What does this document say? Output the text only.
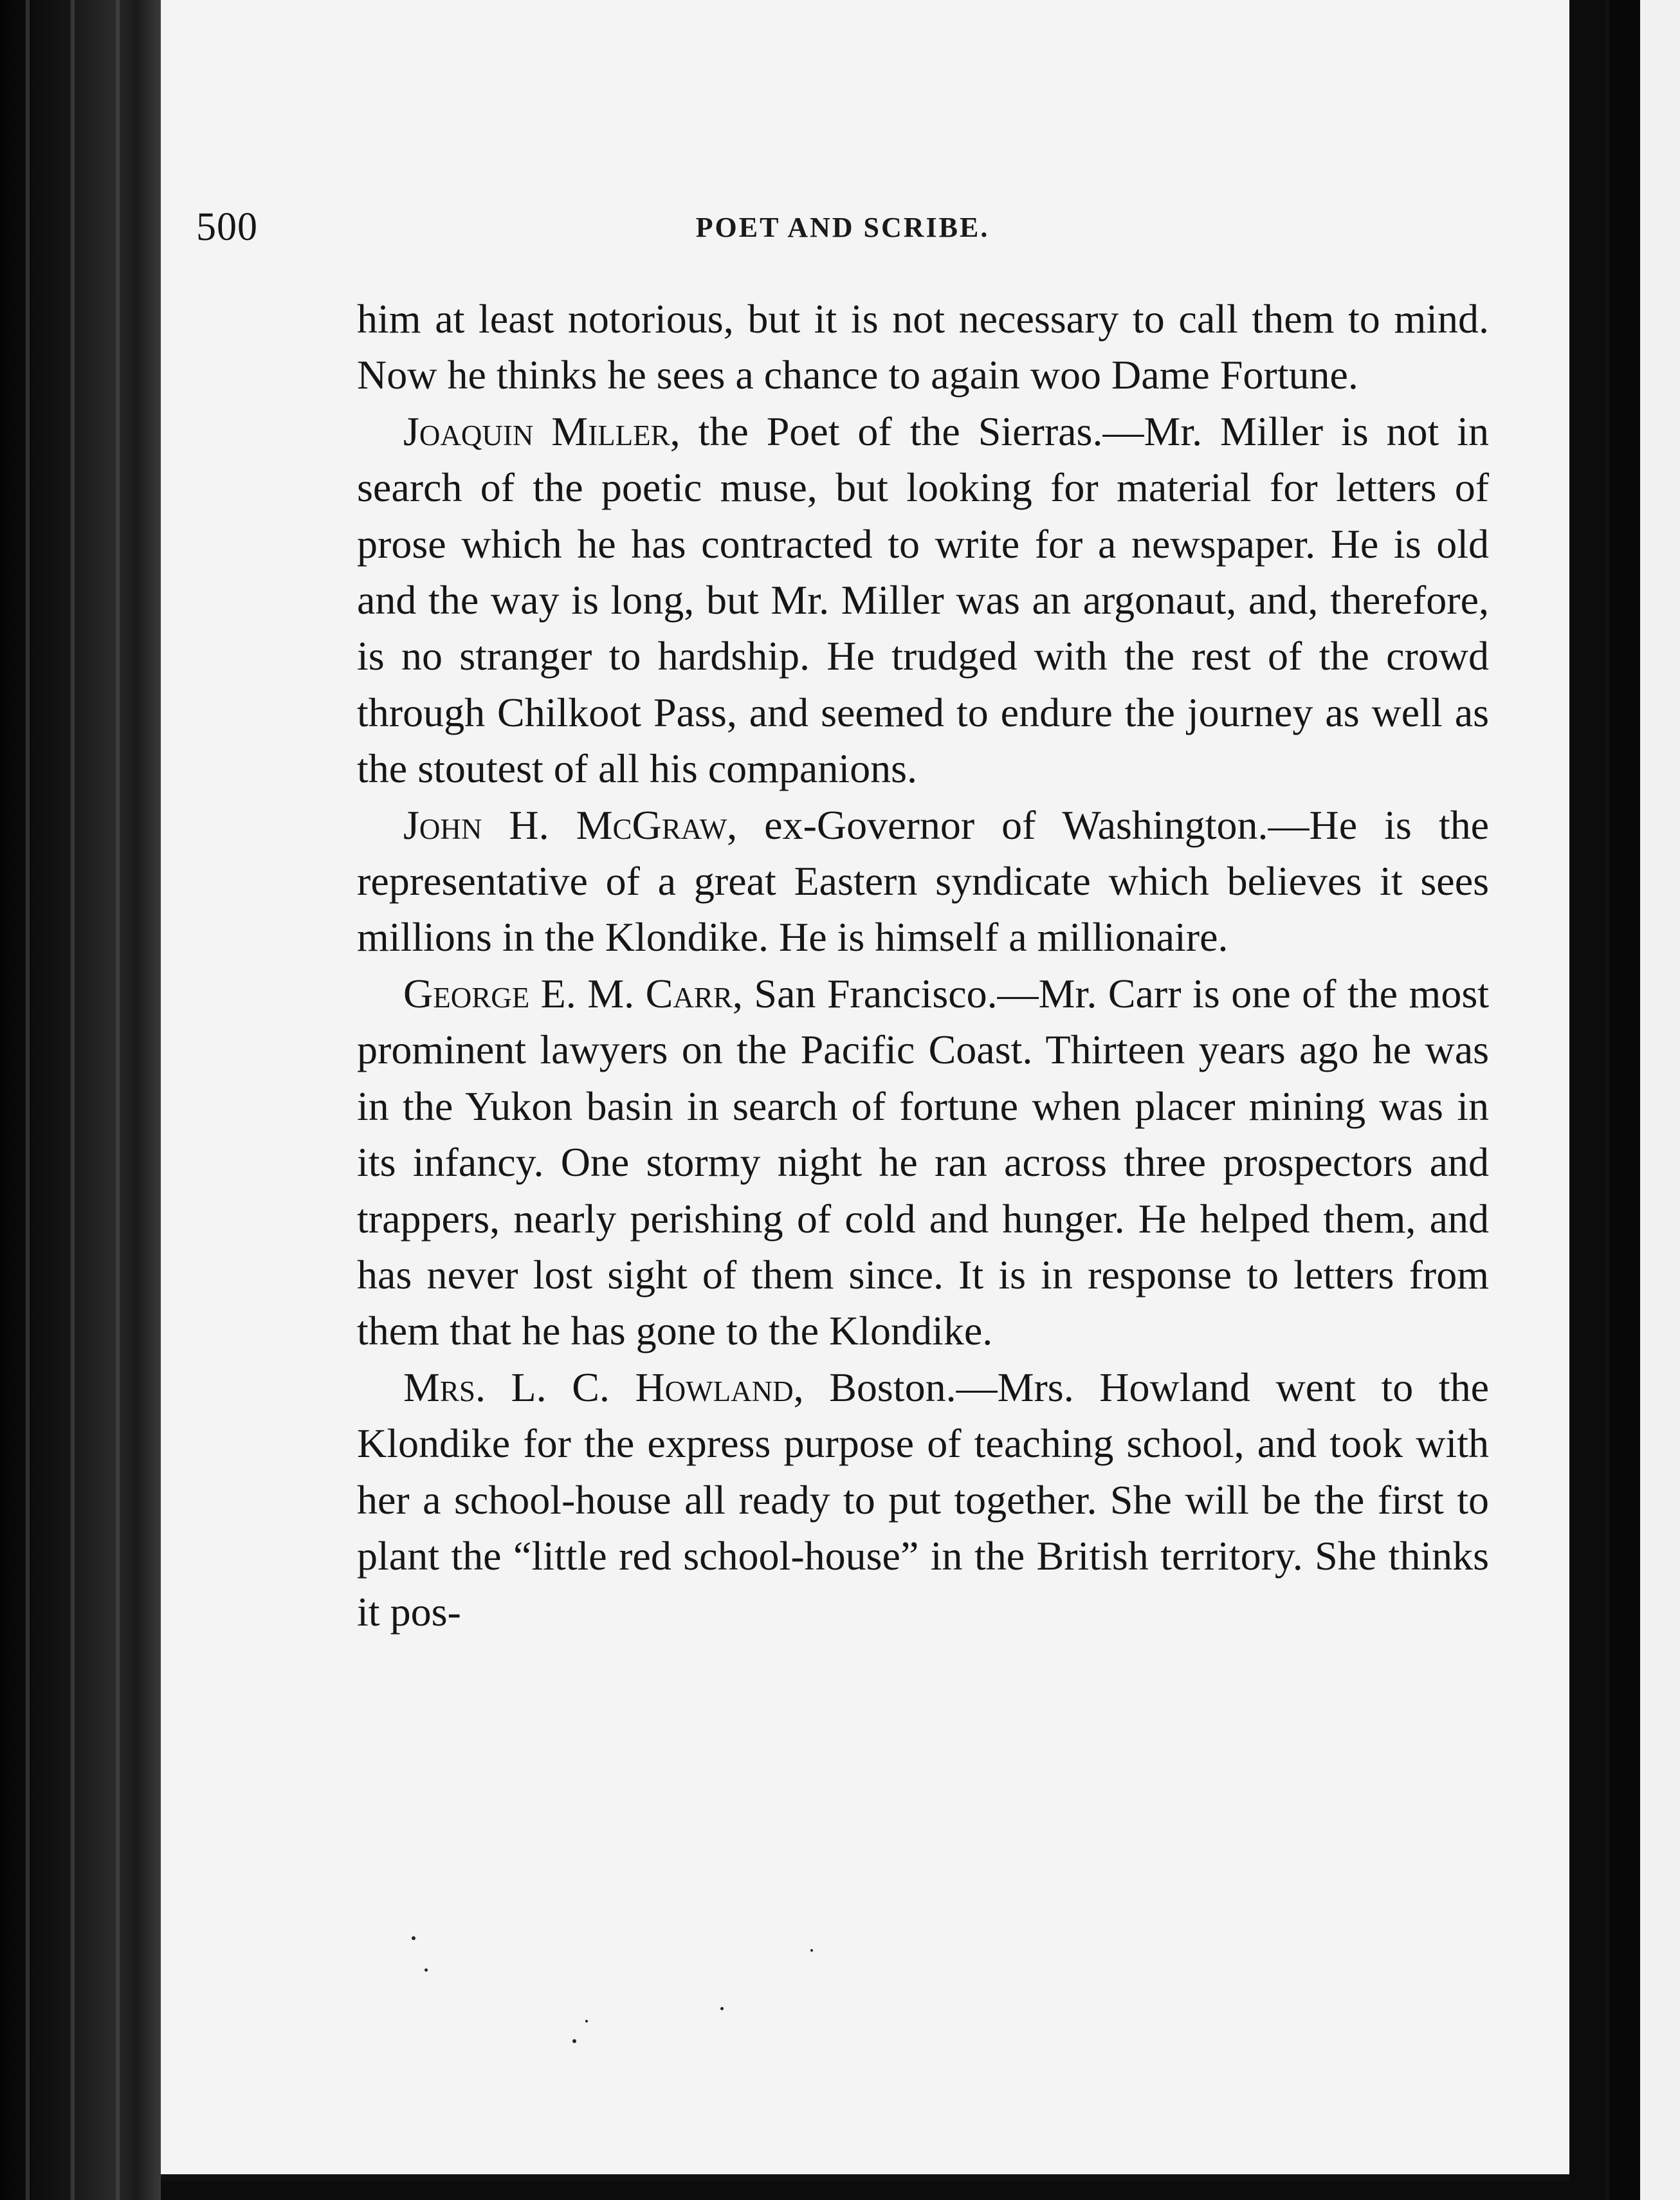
500	POET AND SCRIBE.

him at least notorious, but it is not necessary to call them to mind. Now he thinks he sees a chance to again woo Dame Fortune.

Joaquin Miller, the Poet of the Sierras.—Mr. Miller is not in search of the poetic muse, but looking for material for letters of prose which he has contracted to write for a newspaper. He is old and the way is long, but Mr. Miller was an argonaut, and, therefore, is no stranger to hardship. He trudged with the rest of the crowd through Chilkoot Pass, and seemed to endure the journey as well as the stoutest of all his companions.

John H. McGraw, ex-Governor of Washington.—He is the representative of a great Eastern syndicate which believes it sees millions in the Klondike. He is himself a millionaire.

George E. M. Carr, San Francisco.—Mr. Carr is one of the most prominent lawyers on the Pacific Coast. Thirteen years ago he was in the Yukon basin in search of fortune when placer mining was in its infancy. One stormy night he ran across three prospectors and trappers, nearly perishing of cold and hunger. He helped them, and has never lost sight of them since. It is in response to letters from them that he has gone to the Klondike.

Mrs. L. C. Howland, Boston.—Mrs. Howland went to the Klondike for the express purpose of teaching school, and took with her a school-house all ready to put together. She will be the first to plant the “little red school-house” in the British territory. She thinks it pos-
